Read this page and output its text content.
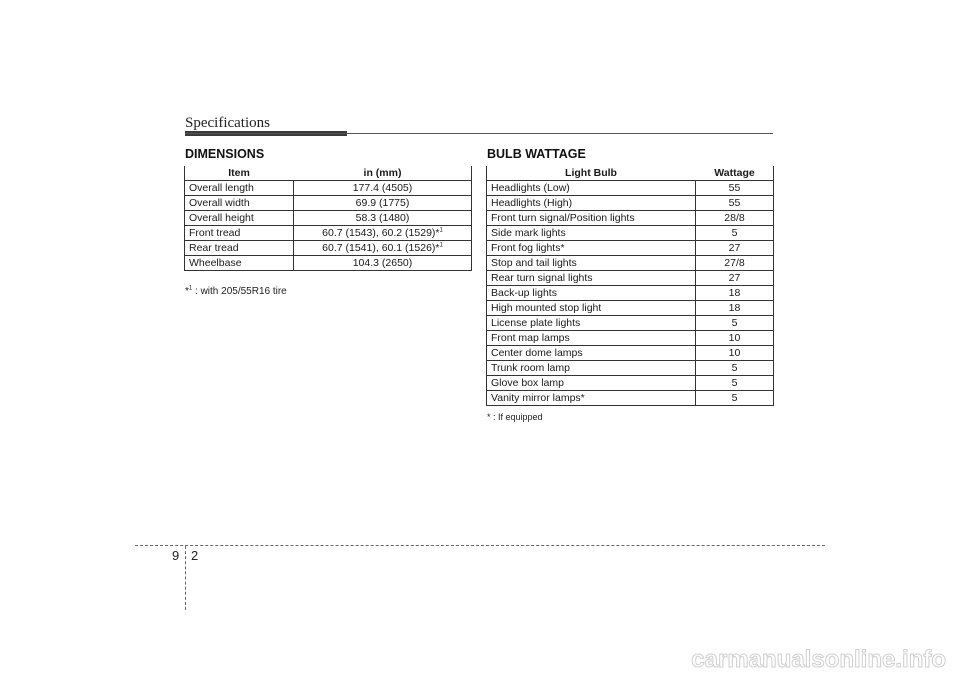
Specifications
DIMENSIONS
Item	in (mm)
Overall length	177.4 (4505)
Overall width	69.9 (1775)
Overall height	58.3 (1480)
Front tread	60.7 (1543), 60.2 (1529)*$^1$
Rear tread	60.7 (1541), 60.1 (1526)*$^1$
Wheelbase	104.3 (2650)
*$^1$ : with 205/55R16 tire
BULB WATTAGE
Light Bulb	Wattage
Headlights (Low)	55
Headlights (High)	55
Front turn signal/Position lights	28/8
Side mark lights	5
Front fog lights*	27
Stop and tail lights	27/8
Rear turn signal lights	27
Back-up lights	18
High mounted stop light	18
License plate lights	5
Front map lamps	10
Center dome lamps	10
Trunk room lamp	5
Glove box lamp	5
Vanity mirror lamps*	5
* : If equipped
9 2
carmanualsonline.info
